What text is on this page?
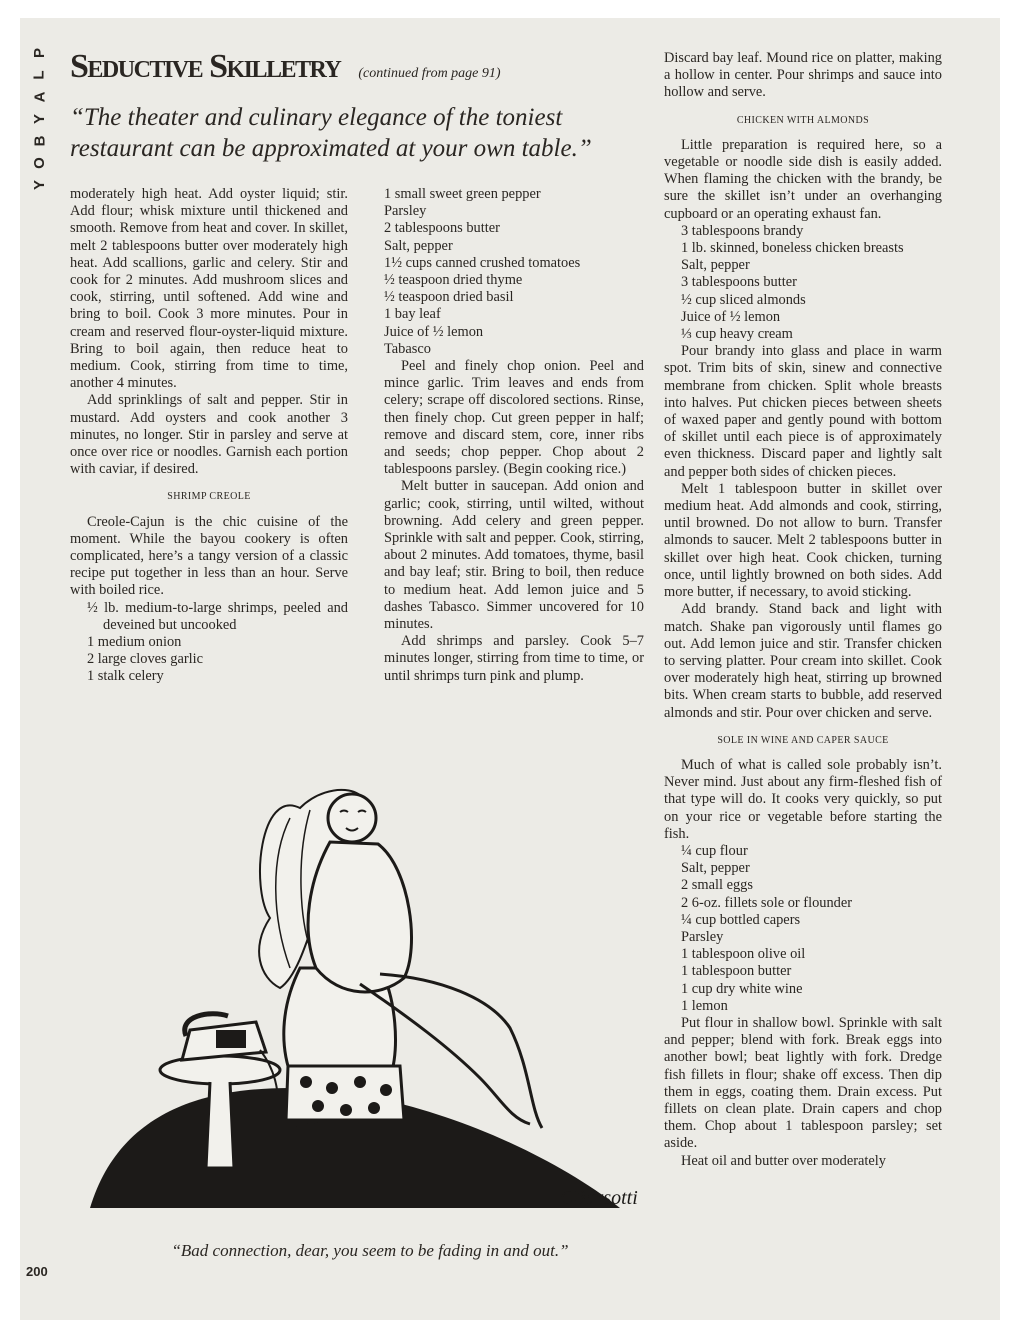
P
L
A
Y
B
O
Y
Seductive Skilletry (continued from page 91)
“The theater and culinary elegance of the toniest restaurant can be approximated at your own table.”

moderately high heat. Add oyster liquid; stir. Add flour; whisk mixture until thickened and smooth. Remove from heat and cover. In skillet, melt 2 tablespoons butter over moderately high heat. Add scallions, garlic and celery. Stir and cook for 2 minutes. Add mushroom slices and cook, stirring, until softened. Add wine and bring to boil. Cook 3 more minutes. Pour in cream and reserved flour-oyster-liquid mixture. Bring to boil again, then reduce heat to medium. Cook, stirring from time to time, another 4 minutes.

Add sprinklings of salt and pepper. Stir in mustard. Add oysters and cook another 3 minutes, no longer. Stir in parsley and serve at once over rice or noodles. Garnish each portion with caviar, if desired.

SHRIMP CREOLE

Creole-Cajun is the chic cuisine of the moment. While the bayou cookery is often complicated, here’s a tangy version of a classic recipe put together in less than an hour. Serve with boiled rice.

½ lb. medium-to-large shrimps, peeled and deveined but uncooked
1 medium onion
2 large cloves garlic
1 stalk celery
1 small sweet green pepper
Parsley
2 tablespoons butter
Salt, pepper
1½ cups canned crushed tomatoes
½ teaspoon dried thyme
½ teaspoon dried basil
1 bay leaf
Juice of ½ lemon
Tabasco

Peel and finely chop onion. Peel and mince garlic. Trim leaves and ends from celery; scrape off discolored sections. Rinse, then finely chop. Cut green pepper in half; remove and discard stem, core, inner ribs and seeds; chop pepper. Chop about 2 tablespoons parsley. (Begin cooking rice.)

Melt butter in saucepan. Add onion and garlic; cook, stirring, until wilted, without browning. Add celery and green pepper. Sprinkle with salt and pepper. Cook, stirring, about 2 minutes. Add tomatoes, thyme, basil and bay leaf; stir. Bring to boil, then reduce to medium heat. Add lemon juice and 5 dashes Tabasco. Simmer uncovered for 10 minutes.

Add shrimps and parsley. Cook 5–7 minutes longer, stirring from time to time, or until shrimps turn pink and plump.

Discard bay leaf. Mound rice on platter, making a hollow in center. Pour shrimps and sauce into hollow and serve.

CHICKEN WITH ALMONDS

Little preparation is required here, so a vegetable or noodle side dish is easily added. When flaming the chicken with the brandy, be sure the skillet isn’t under an overhanging cupboard or an operating exhaust fan.

3 tablespoons brandy
1 lb. skinned, boneless chicken breasts
Salt, pepper
3 tablespoons butter
½ cup sliced almonds
Juice of ½ lemon
⅓ cup heavy cream

Pour brandy into glass and place in warm spot. Trim bits of skin, sinew and connective membrane from chicken. Split whole breasts into halves. Put chicken pieces between sheets of waxed paper and gently pound with bottom of skillet until each piece is of approximately even thickness. Discard paper and lightly salt and pepper both sides of chicken pieces.

Melt 1 tablespoon butter in skillet over medium heat. Add almonds and cook, stirring, until browned. Do not allow to burn. Transfer almonds to saucer. Melt 2 tablespoons butter in skillet over high heat. Cook chicken, turning once, until lightly browned on both sides. Add more butter, if necessary, to avoid sticking.

Add brandy. Stand back and light with match. Shake pan vigorously until flames go out. Add lemon juice and stir. Transfer chicken to serving platter. Pour cream into skillet. Cook over moderately high heat, stirring up browned bits. When cream starts to bubble, add reserved almonds and stir. Pour over chicken and serve.

SOLE IN WINE AND CAPER SAUCE

Much of what is called sole probably isn’t. Never mind. Just about any firm-fleshed fish of that type will do. It cooks very quickly, so put on your rice or vegetable before starting the fish.

¼ cup flour
Salt, pepper
2 small eggs
2 6-oz. fillets sole or flounder
¼ cup bottled capers
Parsley
1 tablespoon olive oil
1 tablespoon butter
1 cup dry white wine
1 lemon

Put flour in shallow bowl. Sprinkle with salt and pepper; blend with fork. Break eggs into another bowl; beat lightly with fork. Dredge fish fillets in flour; shake off excess. Then dip them in eggs, coating them. Drain excess. Put fillets on clean plate. Drain capers and chop them. Chop about 1 tablespoon parsley; set aside.

Heat oil and butter over moderately

CBarsotti
“Bad connection, dear, you seem to be fading in and out.”
200
